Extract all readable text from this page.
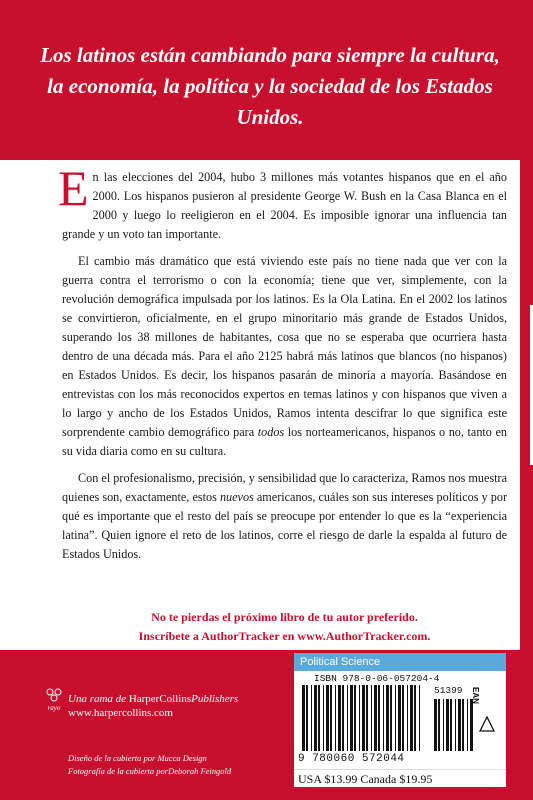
Los latinos están cambiando para siempre la cultura, la economía, la política y la sociedad de los Estados Unidos.

En las elecciones del 2004, hubo 3 millones más votantes hispanos que en el año 2000. Los hispanos pusieron al presidente George W. Bush en la Casa Blanca en el 2000 y luego lo reeligieron en el 2004. Es imposible ignorar una influencia tan grande y un voto tan importante.

El cambio más dramático que está viviendo este país no tiene nada que ver con la guerra contra el terrorismo o con la economía; tiene que ver, simplemente, con la revolución demográfica impulsada por los latinos. Es la Ola Latina. En el 2002 los latinos se convirtieron, oficialmente, en el grupo minoritario más grande de Estados Unidos, superando los 38 millones de habitantes, cosa que no se esperaba que ocurriera hasta dentro de una década más. Para el año 2125 habrá más latinos que blancos (no hispanos) en Estados Unidos. Es decir, los hispanos pasarán de minoría a mayoría. Basándose en entrevistas con los más reconocidos expertos en temas latinos y con hispanos que viven a lo largo y ancho de los Estados Unidos, Ramos intenta descifrar lo que significa este sorprendente cambio demográfico para todos los norteamericanos, hispanos o no, tanto en su vida diaria como en su cultura.

Con el profesionalismo, precisión, y sensibilidad que lo caracteriza, Ramos nos muestra quienes son, exactamente, estos nuevos americanos, cuáles son sus intereses políticos y por qué es importante que el resto del país se preocupe por entender lo que es la “experiencia latina”. Quien ignore el reto de los latinos, corre el riesgo de darle la espalda al futuro de Estados Unidos.

No te pierdas el próximo libro de tu autor preferido.
Inscríbete a AuthorTracker en www.AuthorTracker.com.
rayo
Una rama de HarperCollinsPublishers
www.harpercollins.com
Diseño de la cubierta por Mucca Design
Fotografía de la cubierta porDeborah Feingold
Political Science
ISBN 978-0-06-057204-4
51399 EAN
9 780060 572044
USA $13.99 Canada $19.95
